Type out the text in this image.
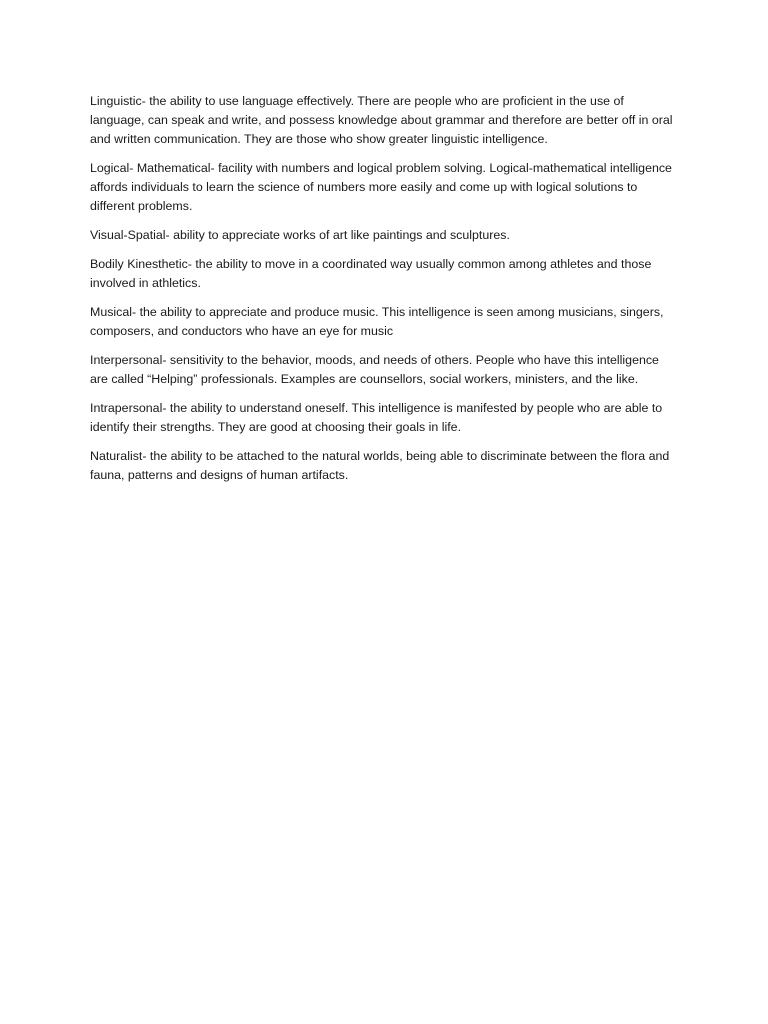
Linguistic- the ability to use language effectively. There are people who are proficient in the use of language, can speak and write, and possess knowledge about grammar and therefore are better off in oral and written communication. They are those who show greater linguistic intelligence.

Logical- Mathematical- facility with numbers and logical problem solving. Logical-mathematical intelligence affords individuals to learn the science of numbers more easily and come up with logical solutions to different problems.

Visual-Spatial- ability to appreciate works of art like paintings and sculptures.

Bodily Kinesthetic- the ability to move in a coordinated way usually common among athletes and those involved in athletics.

Musical- the ability to appreciate and produce music. This intelligence is seen among musicians, singers, composers, and conductors who have an eye for music

Interpersonal- sensitivity to the behavior, moods, and needs of others. People who have this intelligence are called “Helping” professionals. Examples are counsellors, social workers, ministers, and the like.

Intrapersonal- the ability to understand oneself. This intelligence is manifested by people who are able to identify their strengths. They are good at choosing their goals in life.

Naturalist- the ability to be attached to the natural worlds, being able to discriminate between the flora and fauna, patterns and designs of human artifacts.
